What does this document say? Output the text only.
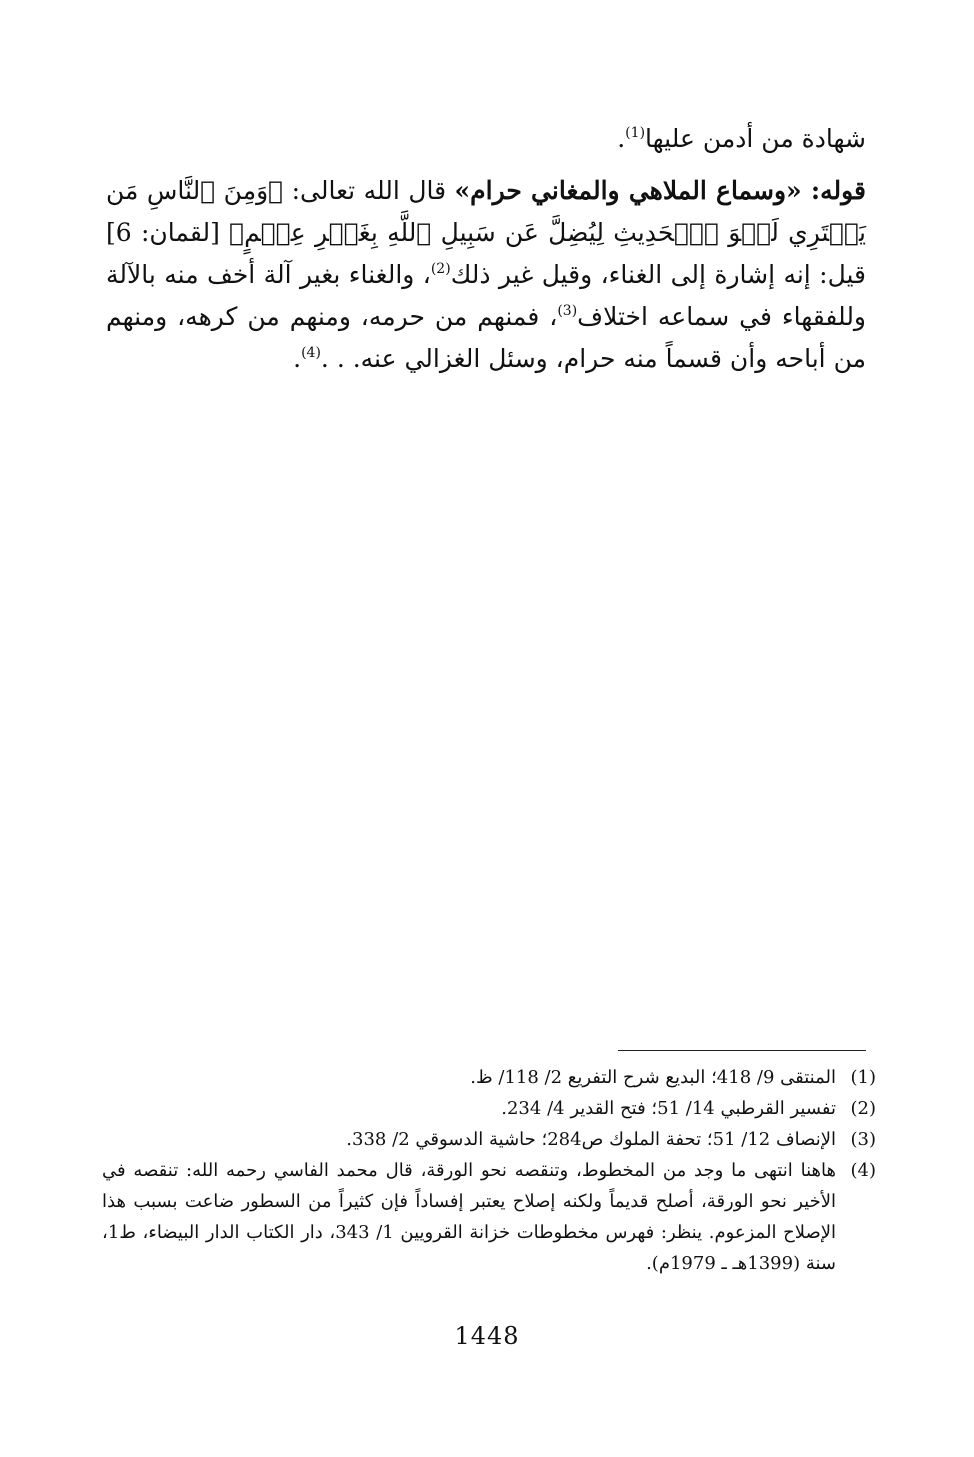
شهادة من أدمن عليها$^{(1)}$.

قوله: «وسماع الملاهي والمغاني حرام» قال الله تعالى: ﴿وَمِنَ ٱلنَّاسِ مَن يَشۡتَرِي لَهۡوَ ٱلۡحَدِيثِ لِيُضِلَّ عَن سَبِيلِ ٱللَّهِ بِغَيۡرِ عِلۡمٍ﴾ [لقمان: 6] قيل: إنه إشارة إلى الغناء، وقيل غير ذلك$^{(2)}$، والغناء بغير آلة أخف منه بالآلة وللفقهاء في سماعه اختلاف$^{(3)}$، فمنهم من حرمه، ومنهم من كرهه، ومنهم من أباحه وأن قسماً منه حرام، وسئل الغزالي عنه. . .$^{(4)}$.

(1)
المنتقى 9/ 418؛ البديع شرح التفريع 2/ 118/ ظ.
(2)
تفسير القرطبي 14/ 51؛ فتح القدير 4/ 234.
(3)
الإنصاف 12/ 51؛ تحفة الملوك ص284؛ حاشية الدسوقي 2/ 338.
(4)
هاهنا انتهى ما وجد من المخطوط، وتنقصه نحو الورقة، قال محمد الفاسي رحمه الله: تنقصه في الأخير نحو الورقة، أصلح قديماً ولكنه إصلاح يعتبر إفساداً فإن كثيراً من السطور ضاعت بسبب هذا الإصلاح المزعوم. ينظر: فهرس مخطوطات خزانة القرويين 1/ 343، دار الكتاب الدار البيضاء، ط1، سنة (1399هـ ـ 1979م).
1448
